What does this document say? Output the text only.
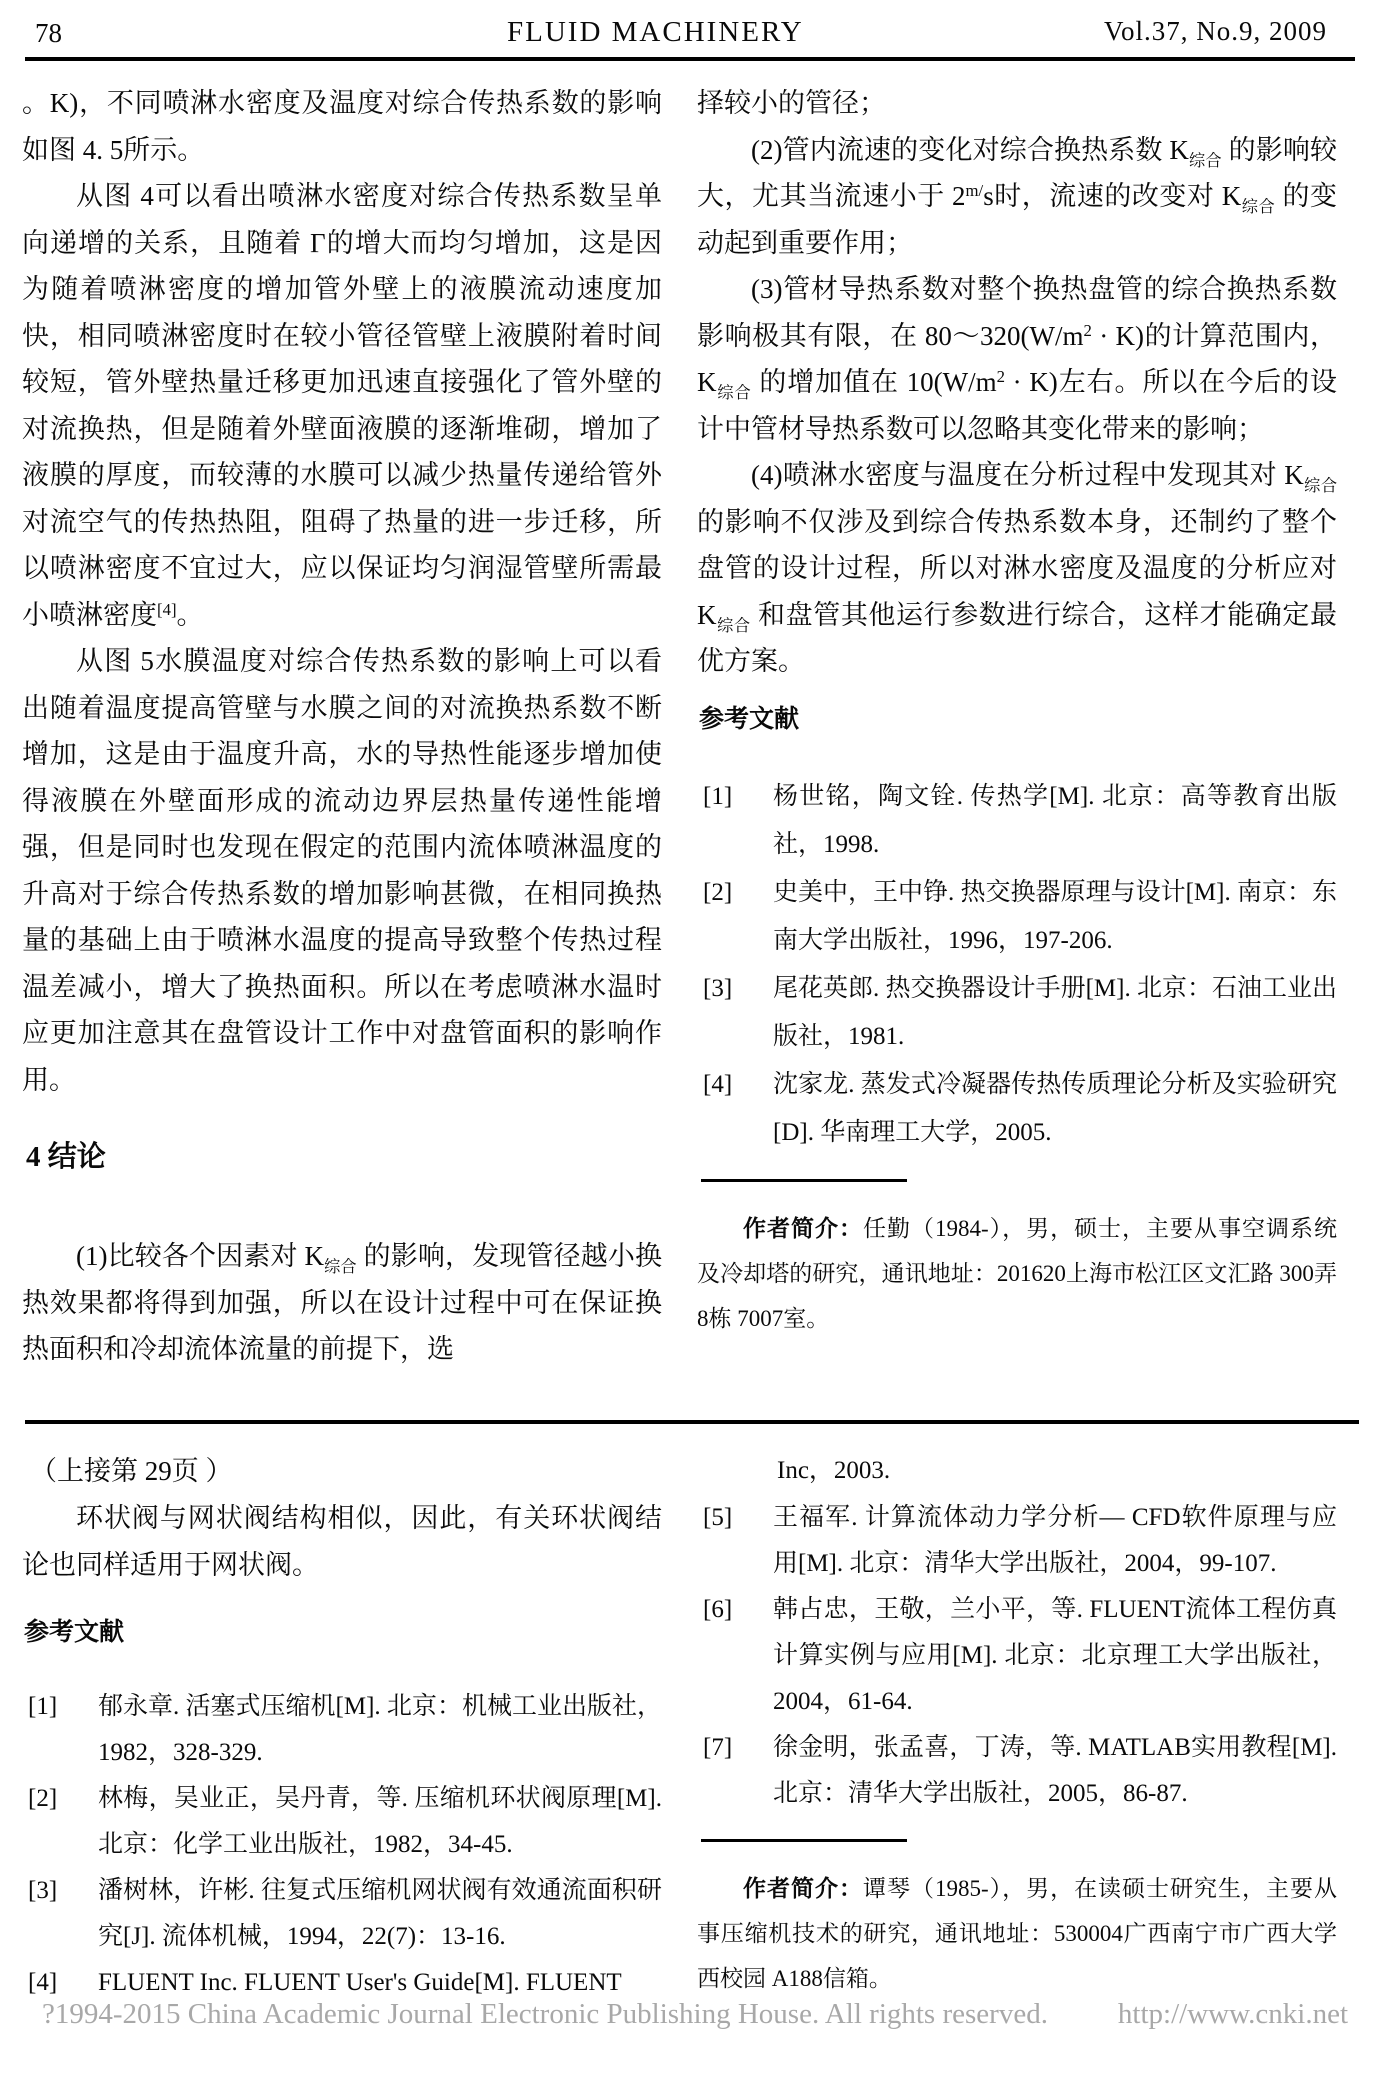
78	FLUID MACHINERY	Vol.37, No.9, 2009

。K)，不同喷淋水密度及温度对综合传热系数的影响如图 4. 5所示。

从图 4可以看出喷淋水密度对综合传热系数呈单向递增的关系，且随着 Γ的增大而均匀增加，这是因为随着喷淋密度的增加管外壁上的液膜流动速度加快，相同喷淋密度时在较小管径管壁上液膜附着时间较短，管外壁热量迁移更加迅速直接强化了管外壁的对流换热，但是随着外壁面液膜的逐渐堆砌，增加了液膜的厚度，而较薄的水膜可以减少热量传递给管外对流空气的传热热阻，阻碍了热量的进一步迁移，所以喷淋密度不宜过大，应以保证均匀润湿管壁所需最小喷淋密度[4]。

从图 5水膜温度对综合传热系数的影响上可以看出随着温度提高管壁与水膜之间的对流换热系数不断增加，这是由于温度升高，水的导热性能逐步增加使得液膜在外壁面形成的流动边界层热量传递性能增强，但是同时也发现在假定的范围内流体喷淋温度的升高对于综合传热系数的增加影响甚微，在相同换热量的基础上由于喷淋水温度的提高导致整个传热过程温差减小，增大了换热面积。所以在考虑喷淋水温时应更加注意其在盘管设计工作中对盘管面积的影响作用。

4 结论

(1)比较各个因素对 $K_{综合}$ 的影响，发现管径越小换热效果都将得到加强，所以在设计过程中可在保证换热面积和冷却流体流量的前提下，选

择较小的管径；

(2)管内流速的变化对综合换热系数 $K_{综合}$ 的影响较大，尤其当流速小于 $2^{m/}s$时，流速的改变对 $K_{综合}$ 的变动起到重要作用；

(3)管材导热系数对整个换热盘管的综合换热系数影响极其有限，在 $80\sim 320(W/m^2 \cdot K)$的计算范围内，$K_{综合}$ 的增加值在 $10(W/m^2 \cdot K)$左右。所以在今后的设计中管材导热系数可以忽略其变化带来的影响；

(4)喷淋水密度与温度在分析过程中发现其对 $K_{综合}$ 的影响不仅涉及到综合传热系数本身，还制约了整个盘管的设计过程，所以对淋水密度及温度的分析应对 $K_{综合}$ 和盘管其他运行参数进行综合，这样才能确定最优方案。

参考文献
[1]	杨世铭，陶文铨. 传热学[M]. 北京：高等教育出版社，1998.
[2]	史美中，王中铮. 热交换器原理与设计[M]. 南京：东南大学出版社，1996，197-206.
[3]	尾花英郎. 热交换器设计手册[M]. 北京：石油工业出版社，1981.
[4]	沈家龙. 蒸发式冷凝器传热传质理论分析及实验研究[D]. 华南理工大学，2005.

作者简介：任勤（1984-），男，硕士，主要从事空调系统及冷却塔的研究，通讯地址：201620上海市松江区文汇路 300弄 8栋 7007室。

（上接第 29页 ）

环状阀与网状阀结构相似，因此，有关环状阀结论也同样适用于网状阀。

参考文献
[1]	郁永章. 活塞式压缩机[M]. 北京：机械工业出版社，1982，328-329.
[2]	林梅，吴业正，吴丹青，等. 压缩机环状阀原理[M]. 北京：化学工业出版社，1982，34-45.
[3]	潘树林，许彬. 往复式压缩机网状阀有效通流面积研究[J]. 流体机械，1994，22(7)：13-16.
[4]	FLUENT Inc. FLUENT User's Guide[M]. FLUENT

Inc，2003.

[5]	王福军. 计算流体动力学分析— CFD软件原理与应用[M]. 北京：清华大学出版社，2004，99-107.
[6]	韩占忠，王敬，兰小平，等. FLUENT流体工程仿真计算实例与应用[M]. 北京：北京理工大学出版社，2004，61-64.
[7]	徐金明，张孟喜，丁涛，等. MATLAB实用教程[M]. 北京：清华大学出版社，2005，86-87.

作者简介：谭琴（1985-），男，在读硕士研究生，主要从事压缩机技术的研究，通讯地址：530004广西南宁市广西大学西校园 A188信箱。

?1994-2015 China Academic Journal Electronic Publishing House. All rights reserved. http://www.cnki.net
